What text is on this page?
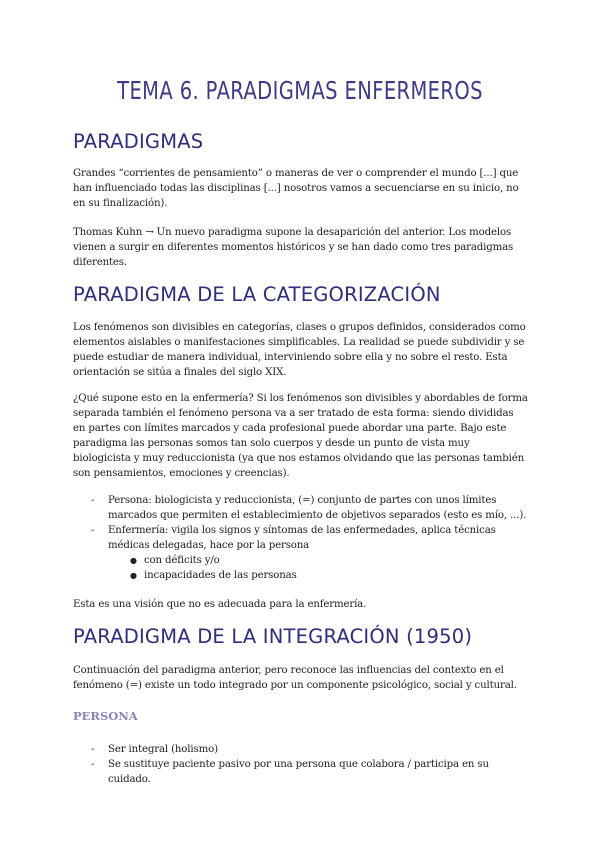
TEMA 6. PARADIGMAS ENFERMEROS
PARADIGMAS

Grandes “corrientes de pensamiento” o maneras de ver o comprender el mundo [...] que han influenciado todas las disciplinas [...] nosotros vamos a secuenciarse en su inicio, no en su finalización).

Thomas Kuhn → Un nuevo paradigma supone la desaparición del anterior. Los modelos vienen a surgir en diferentes momentos históricos y se han dado como tres paradigmas diferentes.

PARADIGMA DE LA CATEGORIZACIÓN

Los fenómenos son divisibles en categorías, clases o grupos definidos, considerados como elementos aislables o manifestaciones simplificables. La realidad se puede subdividir y se puede estudiar de manera individual, interviniendo sobre ella y no sobre el resto. Esta orientación se sitúa a finales del siglo XIX.

¿Qué supone esto en la enfermería? Si los fenómenos son divisibles y abordables de forma separada también el fenómeno persona va a ser tratado de esta forma: siendo divididas en partes con límites marcados y cada profesional puede abordar una parte. Bajo este paradigma las personas somos tan solo cuerpos y desde un punto de vista muy biologicista y muy reduccionista (ya que nos estamos olvidando que las personas también son pensamientos, emociones y creencias).

- Persona: biologicista y reduccionista, (=) conjunto de partes con unos límites marcados que permiten el establecimiento de objetivos separados (esto es mío, ...).
- Enfermería: vigila los signos y síntomas de las enfermedades, aplica técnicas médicas delegadas, hace por la persona
● con déficits y/o
● incapacidades de las personas

Esta es una visión que no es adecuada para la enfermería.

PARADIGMA DE LA INTEGRACIÓN (1950)

Continuación del paradigma anterior, pero reconoce las influencias del contexto en el fenómeno (=) existe un todo integrado por un componente psicológico, social y cultural.

PERSONA
- Ser integral (holismo)
- Se sustituye paciente pasivo por una persona que colabora / participa en su cuidado.
